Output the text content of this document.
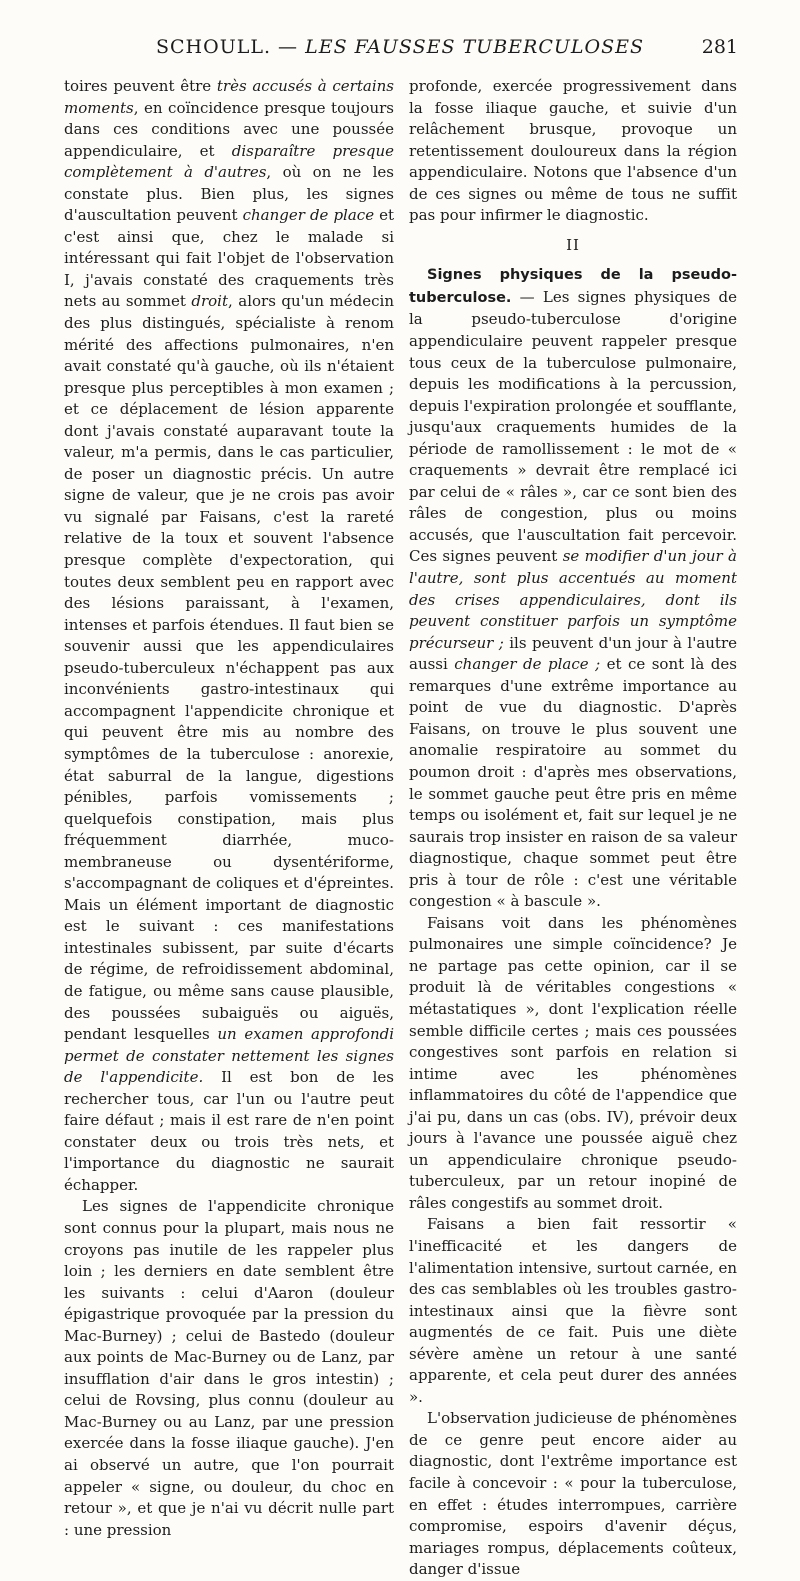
SCHOULL. — LES FAUSSES TUBERCULOSES	281

toires peuvent être très accusés à certains moments, en coïncidence presque toujours dans ces conditions avec une poussée appendiculaire, et disparaître presque complètement à d'autres, où on ne les constate plus. Bien plus, les signes d'auscultation peuvent changer de place et c'est ainsi que, chez le malade si intéressant qui fait l'objet de l'observation I, j'avais constaté des craquements très nets au sommet droit, alors qu'un médecin des plus distingués, spécialiste à renom mérité des affections pulmonaires, n'en avait constaté qu'à gauche, où ils n'étaient presque plus perceptibles à mon examen ; et ce déplacement de lésion apparente dont j'avais constaté auparavant toute la valeur, m'a permis, dans le cas particulier, de poser un diagnostic précis. Un autre signe de valeur, que je ne crois pas avoir vu signalé par Faisans, c'est la rareté relative de la toux et souvent l'absence presque complète d'expectoration, qui toutes deux semblent peu en rapport avec des lésions paraissant, à l'examen, intenses et parfois étendues. Il faut bien se souvenir aussi que les appendiculaires pseudo-tuberculeux n'échappent pas aux inconvénients gastro-intestinaux qui accompagnent l'appendicite chronique et qui peuvent être mis au nombre des symptômes de la tuberculose : anorexie, état saburral de la langue, digestions pénibles, parfois vomissements ; quelquefois constipation, mais plus fréquemment diarrhée, muco-membraneuse ou dysentériforme, s'accompagnant de coliques et d'épreintes. Mais un élément important de diagnostic est le suivant : ces manifestations intestinales subissent, par suite d'écarts de régime, de refroidissement abdominal, de fatigue, ou même sans cause plausible, des poussées subaiguës ou aiguës, pendant lesquelles un examen approfondi permet de constater nettement les signes de l'appendicite. Il est bon de les rechercher tous, car l'un ou l'autre peut faire défaut ; mais il est rare de n'en point constater deux ou trois très nets, et l'importance du diagnostic ne saurait échapper.

Les signes de l'appendicite chronique sont connus pour la plupart, mais nous ne croyons pas inutile de les rappeler plus loin ; les derniers en date semblent être les suivants : celui d'Aaron (douleur épigastrique provoquée par la pression du Mac-Burney) ; celui de Bastedo (douleur aux points de Mac-Burney ou de Lanz, par insufflation d'air dans le gros intestin) ; celui de Rovsing, plus connu (douleur au Mac-Burney ou au Lanz, par une pression exercée dans la fosse iliaque gauche). J'en ai observé un autre, que l'on pourrait appeler « signe, ou douleur, du choc en retour », et que je n'ai vu décrit nulle part : une pression

profonde, exercée progressivement dans la fosse iliaque gauche, et suivie d'un relâchement brusque, provoque un retentissement douloureux dans la région appendiculaire. Notons que l'absence d'un de ces signes ou même de tous ne suffit pas pour infirmer le diagnostic.

II

Signes physiques de la pseudo-tuberculose. — Les signes physiques de la pseudo-tuberculose d'origine appendiculaire peuvent rappeler presque tous ceux de la tuberculose pulmonaire, depuis les modifications à la percussion, depuis l'expiration prolongée et soufflante, jusqu'aux craquements humides de la période de ramollissement : le mot de « craquements » devrait être remplacé ici par celui de « râles », car ce sont bien des râles de congestion, plus ou moins accusés, que l'auscultation fait percevoir. Ces signes peuvent se modifier d'un jour à l'autre, sont plus accentués au moment des crises appendiculaires, dont ils peuvent constituer parfois un symptôme précurseur ; ils peuvent d'un jour à l'autre aussi changer de place ; et ce sont là des remarques d'une extrême importance au point de vue du diagnostic. D'après Faisans, on trouve le plus souvent une anomalie respiratoire au sommet du poumon droit : d'après mes observations, le sommet gauche peut être pris en même temps ou isolément et, fait sur lequel je ne saurais trop insister en raison de sa valeur diagnostique, chaque sommet peut être pris à tour de rôle : c'est une véritable congestion « à bascule ».

Faisans voit dans les phénomènes pulmonaires une simple coïncidence? Je ne partage pas cette opinion, car il se produit là de véritables congestions « métastatiques », dont l'explication réelle semble difficile certes ; mais ces poussées congestives sont parfois en relation si intime avec les phénomènes inflammatoires du côté de l'appendice que j'ai pu, dans un cas (obs. IV), prévoir deux jours à l'avance une poussée aiguë chez un appendiculaire chronique pseudo-tuberculeux, par un retour inopiné de râles congestifs au sommet droit.

Faisans a bien fait ressortir « l'inefficacité et les dangers de l'alimentation intensive, surtout carnée, en des cas semblables où les troubles gastro-intestinaux ainsi que la fièvre sont augmentés de ce fait. Puis une diète sévère amène un retour à une santé apparente, et cela peut durer des années ».

L'observation judicieuse de phénomènes de ce genre peut encore aider au diagnostic, dont l'extrême importance est facile à concevoir : « pour la tuberculose, en effet : études interrompues, carrière compromise, espoirs d'avenir déçus, mariages rompus, déplacements coûteux, danger d'issue
